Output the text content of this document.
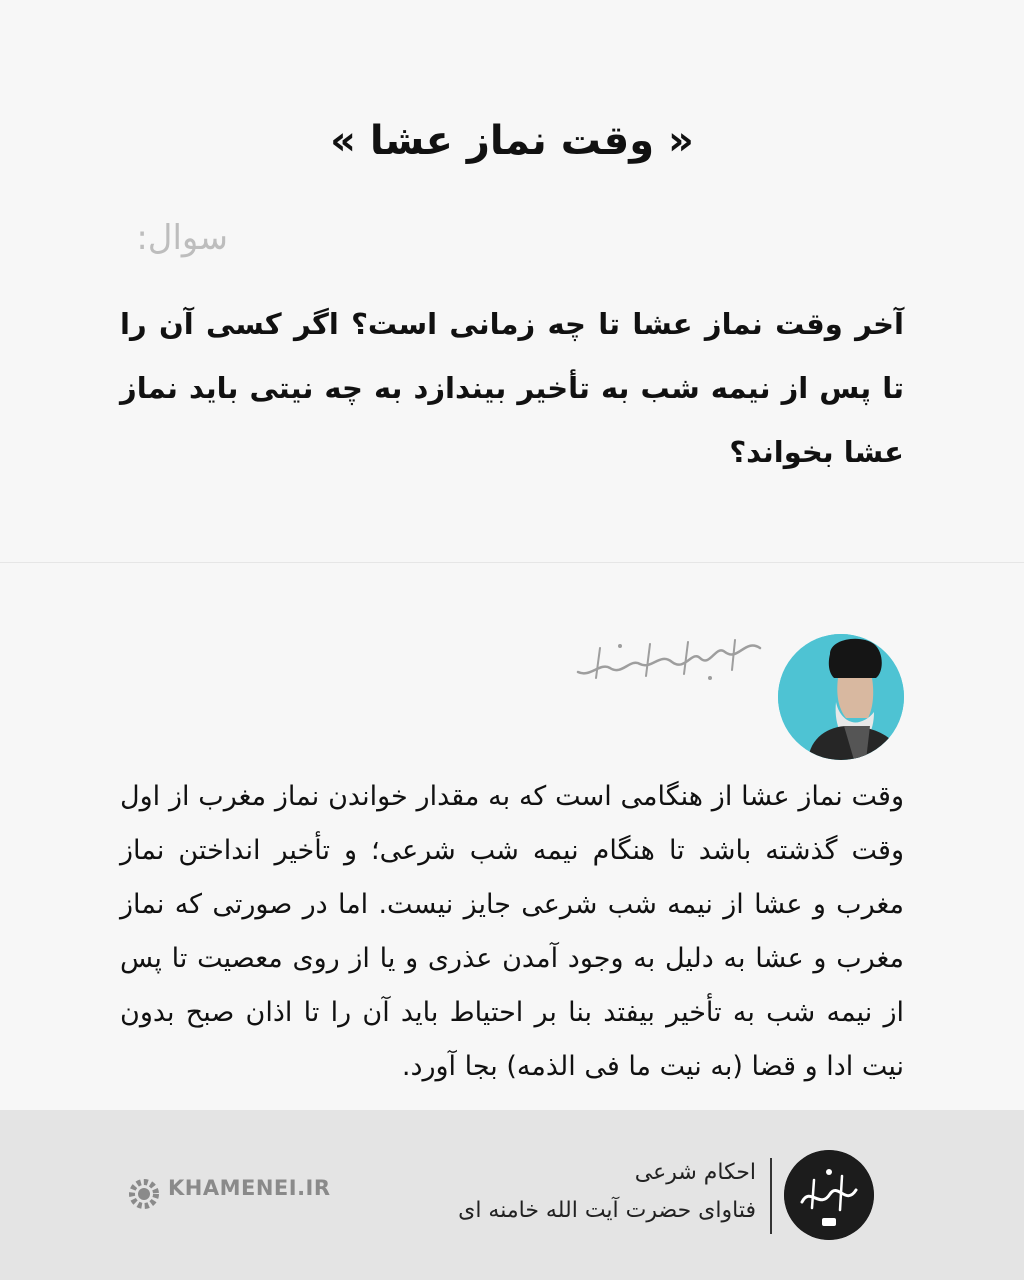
« وقت نماز عشا »
سوال:
آخر وقت نماز عشا تا چه زمانی است؟ اگر کسی آن را تا پس از نیمه شب به تأخیر بیندازد به چه نیتی باید نماز عشا بخواند؟
وقت نماز عشا از هنگامی است که به مقدار خواندن نماز مغرب از اول وقت گذشته باشد تا هنگام نیمه شب شرعی؛ و تأخیر انداختن نماز مغرب و عشا از نیمه شب شرعی جایز نیست. اما در صورتی که نماز مغرب و عشا به دلیل به وجود آمدن عذری و یا از روی معصیت تا پس از نیمه شب به تأخیر بیفتد بنا بر احتیاط باید آن را تا اذان صبح بدون نیت ادا و قضا (به نیت ما فی الذمه) بجا آورد.
احکام شرعی
فتاوای حضرت آیت الله خامنه ای
KHAMENEI.IR
